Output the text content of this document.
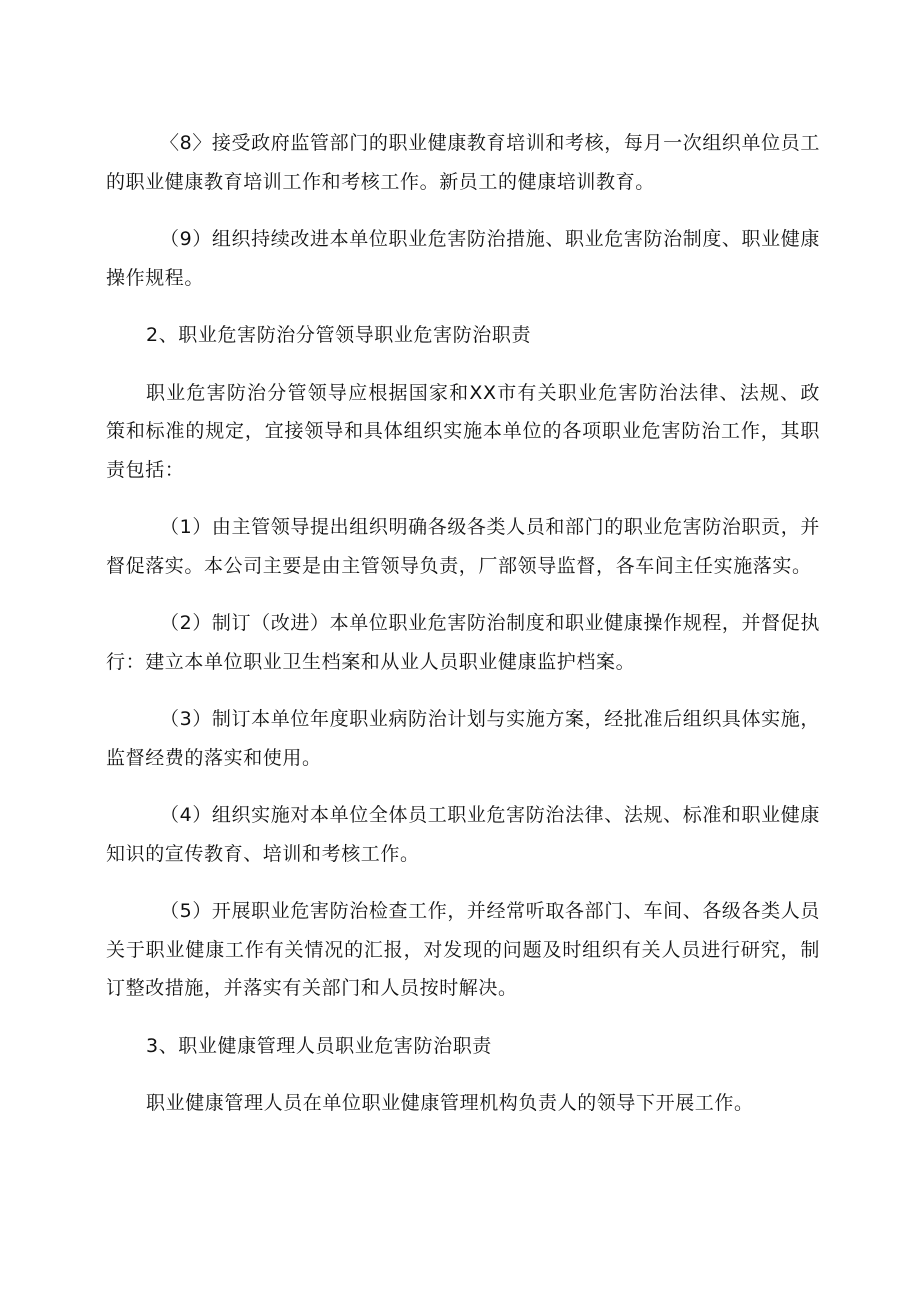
〈8〉接受政府监管部门的职业健康教育培训和考核，每月一次组织单位员工的职业健康教育培训工作和考核工作。新员工的健康培训教育。

（9）组织持续改进本单位职业危害防治措施、职业危害防治制度、职业健康操作规程。

2、职业危害防治分管领导职业危害防治职责

职业危害防治分管领导应根据国家和XX市有关职业危害防治法律、法规、政策和标准的规定，宜接领导和具体组织实施本单位的各项职业危害防治工作，其职责包括：

（1）由主管领导提出组织明确各级各类人员和部门的职业危害防治职贡，并督促落实。本公司主要是由主管领导负责，厂部领导监督，各车间主任实施落实。

（2）制订（改进）本单位职业危害防治制度和职业健康操作规程，并督促执行：建立本单位职业卫生档案和从业人员职业健康监护档案。

（3）制订本单位年度职业病防治计划与实施方案，经批准后组织具体实施，监督经费的落实和使用。

（4）组织实施对本单位全体员工职业危害防治法律、法规、标准和职业健康知识的宣传教育、培训和考核工作。

（5）开展职业危害防治检查工作，并经常听取各部门、车间、各级各类人员关于职业健康工作有关情况的汇报，对发现的问题及时组织有关人员进行研究，制订整改措施，并落实有关部门和人员按时解决。

3、职业健康管理人员职业危害防治职责

职业健康管理人员在单位职业健康管理机构负责人的领导下开展工作。
